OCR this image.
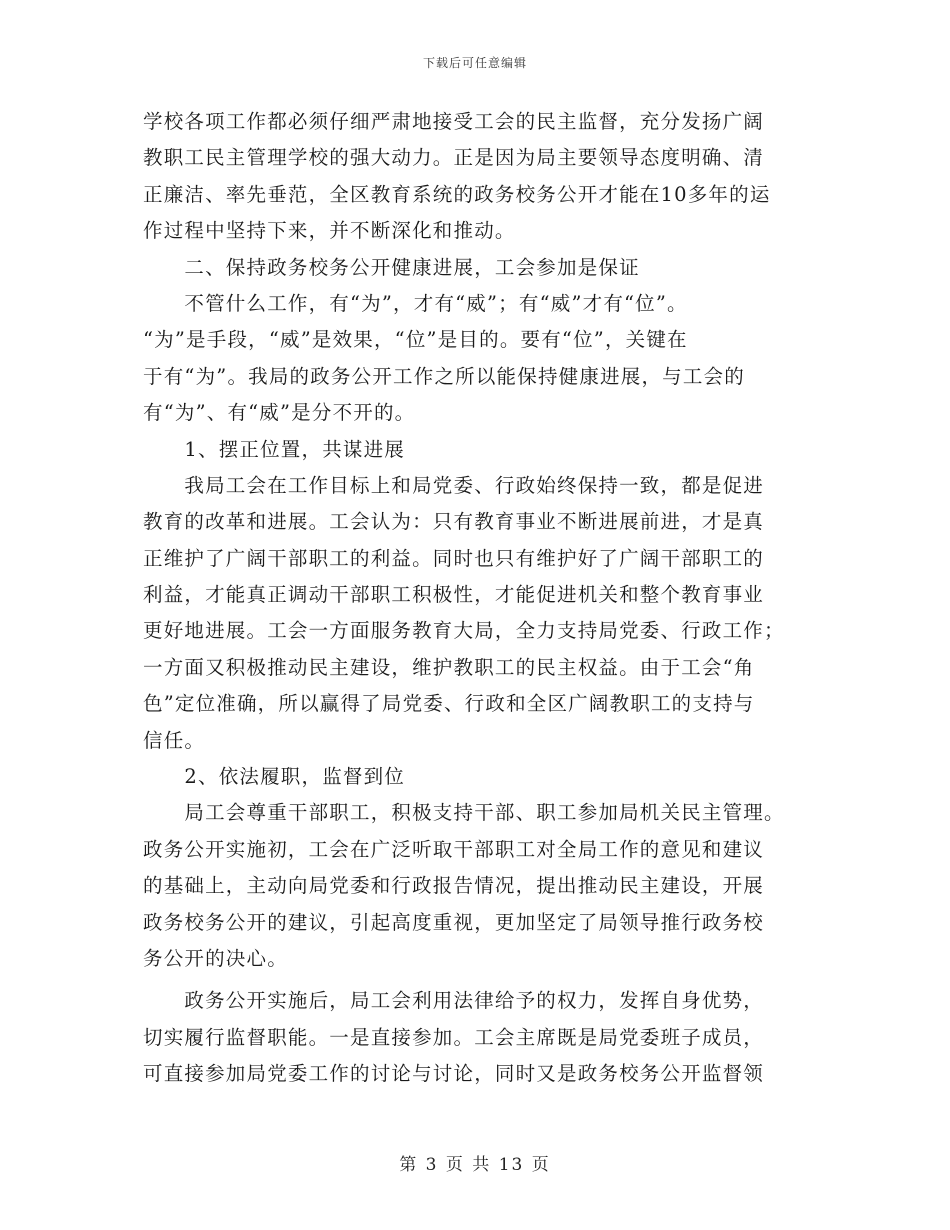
下载后可任意编辑
学校各项工作都必须仔细严肃地接受工会的民主监督，充分发扬广阔
教职工民主管理学校的强大动力。正是因为局主要领导态度明确、清
正廉洁、率先垂范，全区教育系统的政务校务公开才能在10多年的运
作过程中坚持下来，并不断深化和推动。
　　二、保持政务校务公开健康进展，工会参加是保证
　　不管什么工作，有“为”，才有“威”；有“威”才有“位”。
“为”是手段，“威”是效果，“位”是目的。要有“位”，关键在
于有“为”。我局的政务公开工作之所以能保持健康进展，与工会的
有“为”、有“威”是分不开的。
　　1、摆正位置，共谋进展
　　我局工会在工作目标上和局党委、行政始终保持一致，都是促进
教育的改革和进展。工会认为：只有教育事业不断进展前进，才是真
正维护了广阔干部职工的利益。同时也只有维护好了广阔干部职工的
利益，才能真正调动干部职工积极性，才能促进机关和整个教育事业
更好地进展。工会一方面服务教育大局，全力支持局党委、行政工作；
一方面又积极推动民主建设，维护教职工的民主权益。由于工会“角
色”定位准确，所以赢得了局党委、行政和全区广阔教职工的支持与
信任。
　　2、依法履职，监督到位
　　局工会尊重干部职工，积极支持干部、职工参加局机关民主管理。
政务公开实施初，工会在广泛听取干部职工对全局工作的意见和建议
的基础上，主动向局党委和行政报告情况，提出推动民主建设，开展
政务校务公开的建议，引起高度重视，更加坚定了局领导推行政务校
务公开的决心。
　　政务公开实施后，局工会利用法律给予的权力，发挥自身优势，
切实履行监督职能。一是直接参加。工会主席既是局党委班子成员，
可直接参加局党委工作的讨论与讨论，同时又是政务校务公开监督领
第 3 页 共 13 页
